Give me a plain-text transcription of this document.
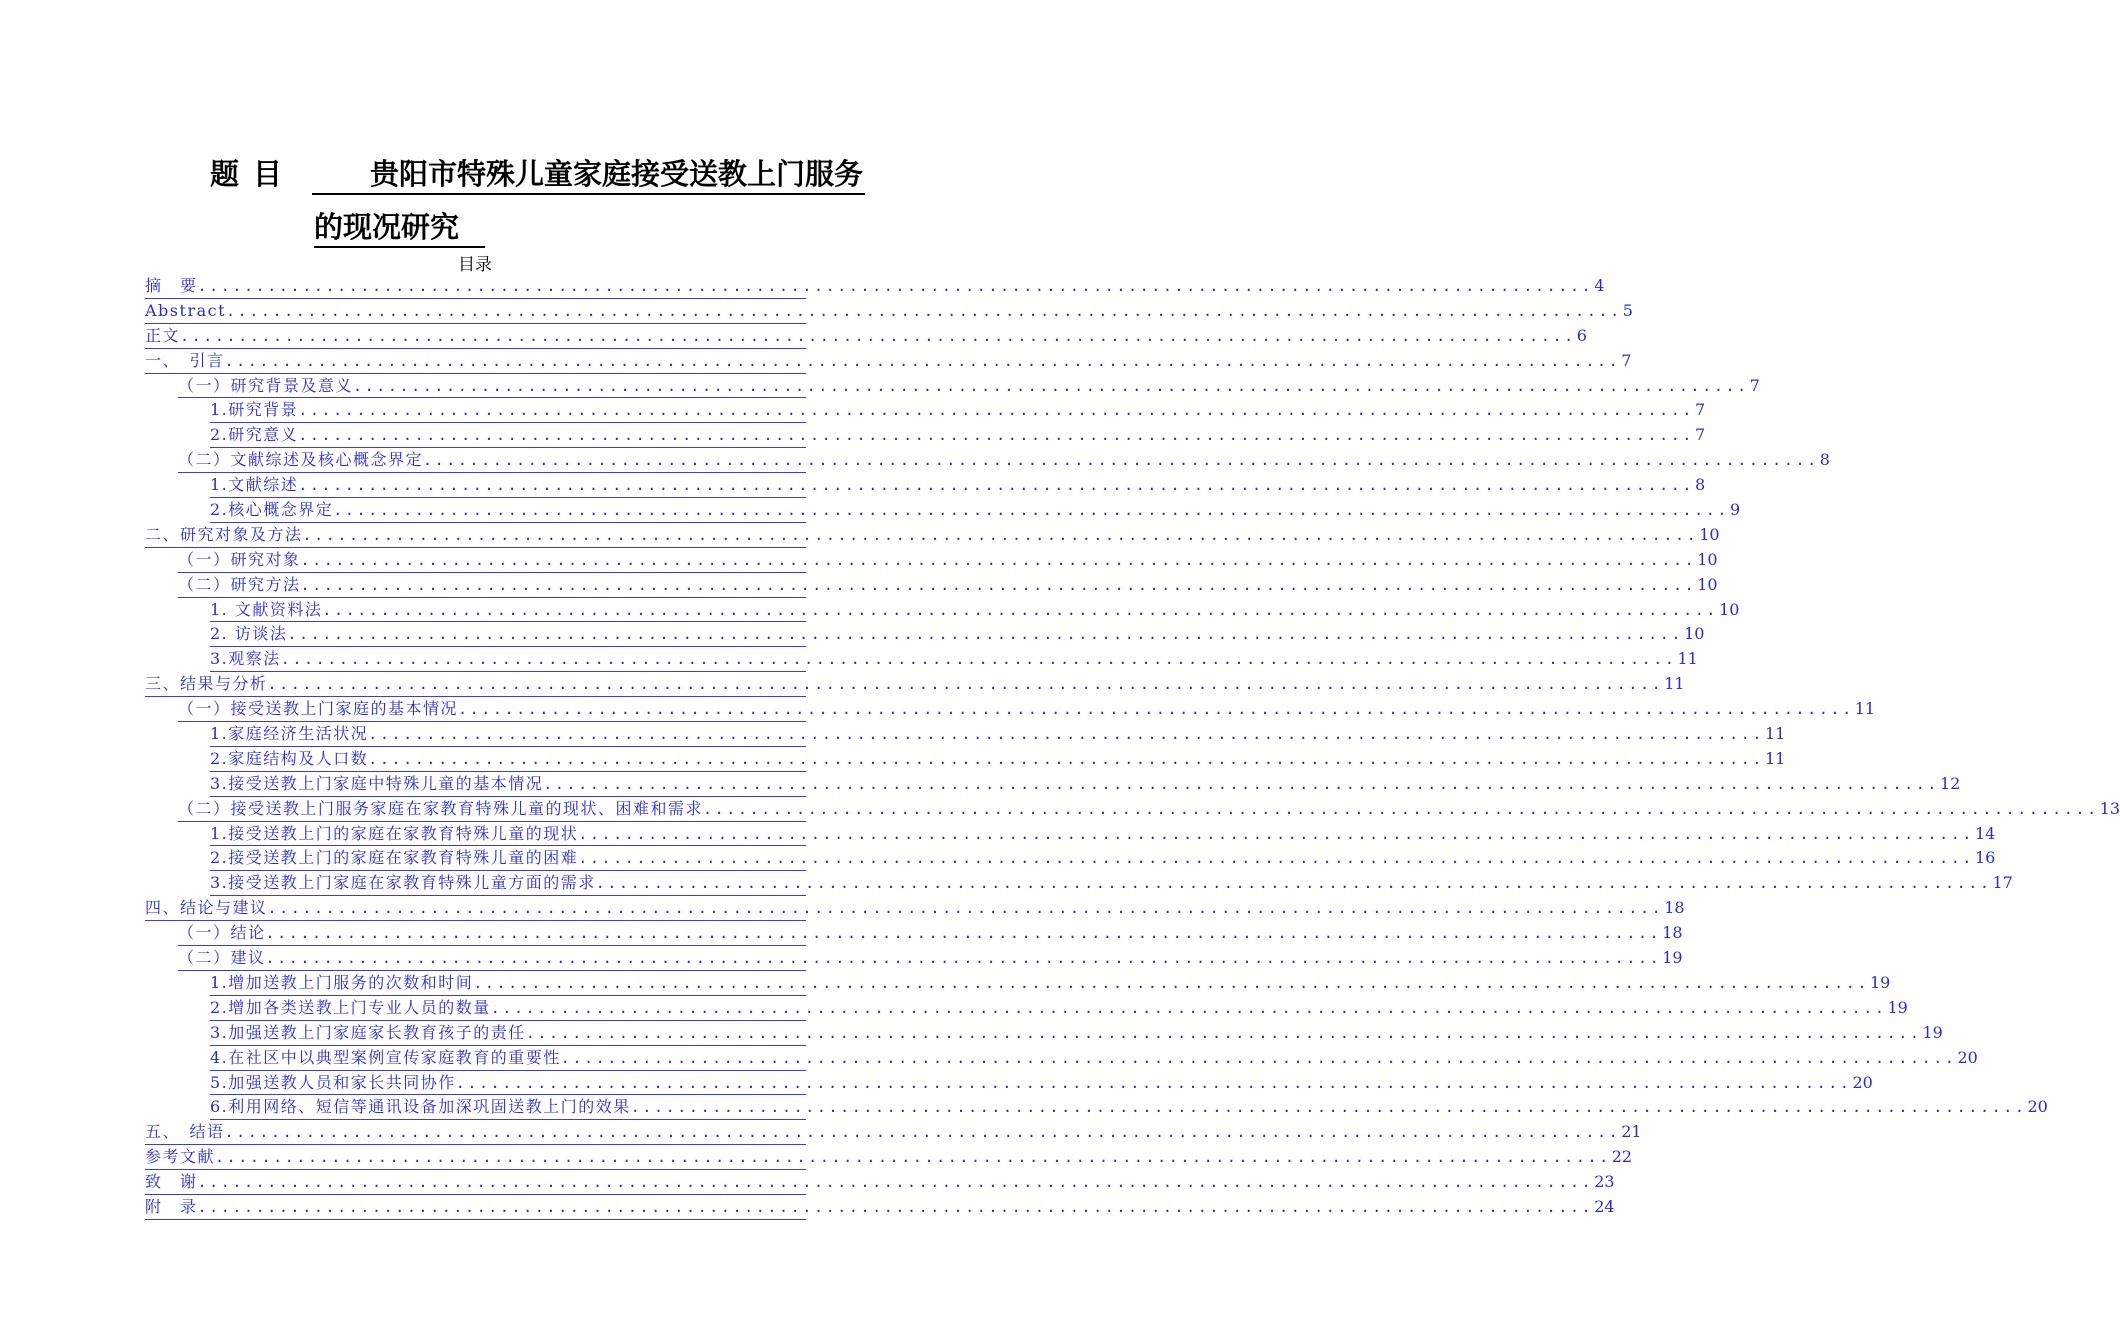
题目	贵阳市特殊儿童家庭接受送教上门服务
的现况研究
目录
摘　要 ........................................................................................................................ 4
Abstract ........................................................................................................................ 5
正文 ........................................................................................................................ 6
一、　引言 ........................................................................................................................ 7
（一）研究背景及意义 ........................................................................................................................ 7
1.研究背景 ........................................................................................................................ 7
2.研究意义 ........................................................................................................................ 7
（二）文献综述及核心概念界定 ........................................................................................................................ 8
1.文献综述 ........................................................................................................................ 8
2.核心概念界定 ........................................................................................................................ 9
二、研究对象及方法 ........................................................................................................................ 10
（一）研究对象 ........................................................................................................................ 10
（二）研究方法 ........................................................................................................................ 10
1. 文献资料法 ........................................................................................................................ 10
2. 访谈法 ........................................................................................................................ 10
3.观察法 ........................................................................................................................ 11
三、结果与分析 ........................................................................................................................ 11
（一）接受送教上门家庭的基本情况 ........................................................................................................................ 11
1.家庭经济生活状况 ........................................................................................................................ 11
2.家庭结构及人口数 ........................................................................................................................ 11
3.接受送教上门家庭中特殊儿童的基本情况 ........................................................................................................................ 12
（二）接受送教上门服务家庭在家教育特殊儿童的现状、困难和需求 ........................................................................................................................ 13
1.接受送教上门的家庭在家教育特殊儿童的现状 ........................................................................................................................ 14
2.接受送教上门的家庭在家教育特殊儿童的困难 ........................................................................................................................ 16
3.接受送教上门家庭在家教育特殊儿童方面的需求 ........................................................................................................................ 17
四、结论与建议 ........................................................................................................................ 18
（一）结论 ........................................................................................................................ 18
（二）建议 ........................................................................................................................ 19
1.增加送教上门服务的次数和时间 ........................................................................................................................ 19
2.增加各类送教上门专业人员的数量 ........................................................................................................................ 19
3.加强送教上门家庭家长教育孩子的责任 ........................................................................................................................ 19
4.在社区中以典型案例宣传家庭教育的重要性 ........................................................................................................................ 20
5.加强送教人员和家长共同协作 ........................................................................................................................ 20
6.利用网络、短信等通讯设备加深巩固送教上门的效果 ........................................................................................................................ 20
五、　结语 ........................................................................................................................ 21
参考文献 ........................................................................................................................ 22
致　谢 ........................................................................................................................ 23
附　录 ........................................................................................................................ 24
